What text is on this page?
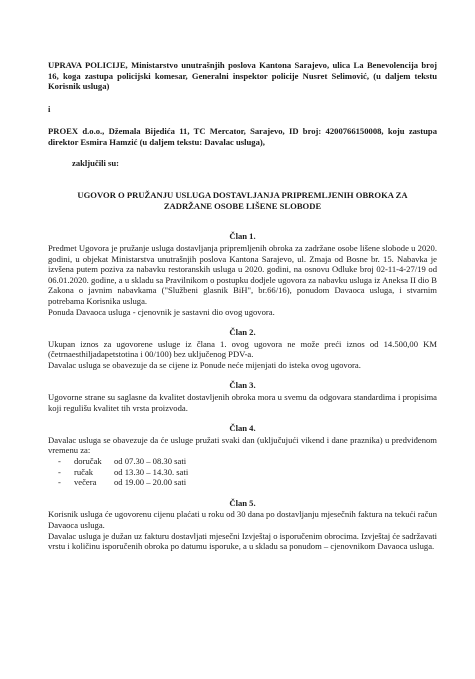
UPRAVA POLICIJE, Ministarstvo unutrašnjih poslova Kantona Sarajevo, ulica La Benevolencija broj 16, koga zastupa policijski komesar, Generalni inspektor policije Nusret Selimović, (u daljem tekstu Korisnik usluga)

i

PROEX d.o.o., Džemala Bijedića 11, TC Mercator, Sarajevo, ID broj: 4200766150008, koju zastupa direktor Esmira Hamzić (u daljem tekstu: Davalac usluga),

zaključili su:

UGOVOR O PRUŽANJU USLUGA DOSTAVLJANJA PRIPREMLJENIH OBROKA ZA ZADRŽANE OSOBE LIŠENE SLOBODE

Član 1.

Predmet Ugovora je pružanje usluga dostavljanja pripremljenih obroka za zadržane osobe lišene slobode u 2020. godini, u objekat Ministarstva unutrašnjih poslova Kantona Sarajevo, ul. Zmaja od Bosne br. 15. Nabavka je izvšena putem poziva za nabavku restoranskih usluga u 2020. godini, na osnovu Odluke broj 02-11-4-27/19 od 06.01.2020. godine, a u skladu sa Pravilnikom o postupku dodjele ugovora za nabavku usluga iz Aneksa II dio B Zakona o javnim nabavkama ("Službeni glasnik BiH", br.66/16), ponudom Davaoca usluga, i stvarnim potrebama Korisnika usluga.

Ponuda Davaoca usluga - cjenovnik je sastavni dio ovog ugovora.

Član 2.

Ukupan iznos za ugovorene usluge iz člana 1. ovog ugovora ne može preći iznos od 14.500,00 KM (četrnaesthiljadapetstotina i 00/100) bez uključenog PDV-a.

Davalac usluga se obavezuje da se cijene iz Ponude neće mijenjati do isteka ovog ugovora.

Član 3.

Ugovorne strane su saglasne da kvalitet dostavljenih obroka mora u svemu da odgovara standardima i propisima koji regulišu kvalitet tih vrsta proizvoda.

Član 4.

Davalac usluga se obavezuje da će usluge pružati svaki dan (uključujući vikend i dane praznika) u predviđenom vremenu za:

-	doručak	od 07.30 – 08.30 sati
-	ručak	od 13.30 – 14.30. sati
-	večera	od 19.00 – 20.00 sati

Član 5.

Korisnik usluga će ugovorenu cijenu plaćati u roku od 30 dana po dostavljanju mjesečnih faktura na tekući račun Davaoca usluga.

Davalac usluga je dužan uz fakturu dostavljati mjesečni Izvještaj o isporučenim obrocima. Izvještaj će sadržavati vrstu i količinu isporučenih obroka po datumu isporuke, a u skladu sa ponudom – cjenovnikom Davaoca usluga.
